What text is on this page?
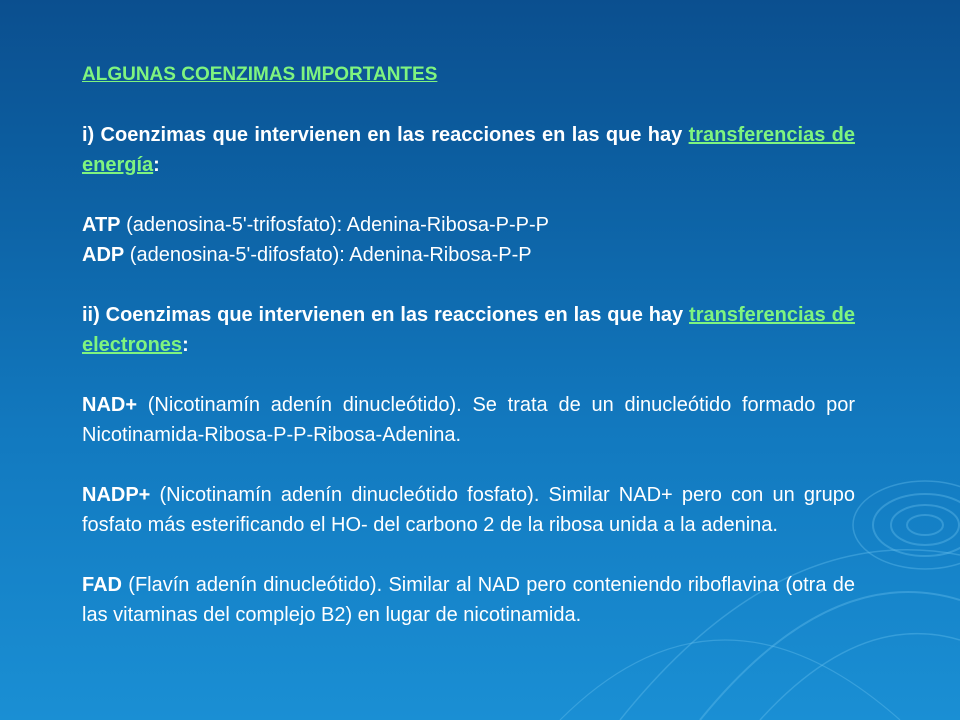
ALGUNAS COENZIMAS IMPORTANTES

i) Coenzimas que intervienen en las reacciones en las que hay transferencias de energía:

ATP (adenosina-5'-trifosfato): Adenina-Ribosa-P-P-P

ADP (adenosina-5'-difosfato): Adenina-Ribosa-P-P

ii) Coenzimas que intervienen en las reacciones en las que hay transferencias de electrones:

NAD+ (Nicotinamín adenín dinucleótido). Se trata de un dinucleótido formado por Nicotinamida-Ribosa-P-P-Ribosa-Adenina.

NADP+ (Nicotinamín adenín dinucleótido fosfato). Similar NAD+ pero con un grupo fosfato más esterificando el HO- del carbono 2 de la ribosa unida a la adenina.

FAD (Flavín adenín dinucleótido). Similar al NAD pero conteniendo riboflavina (otra de las vitaminas del complejo B2) en lugar de nicotinamida.
